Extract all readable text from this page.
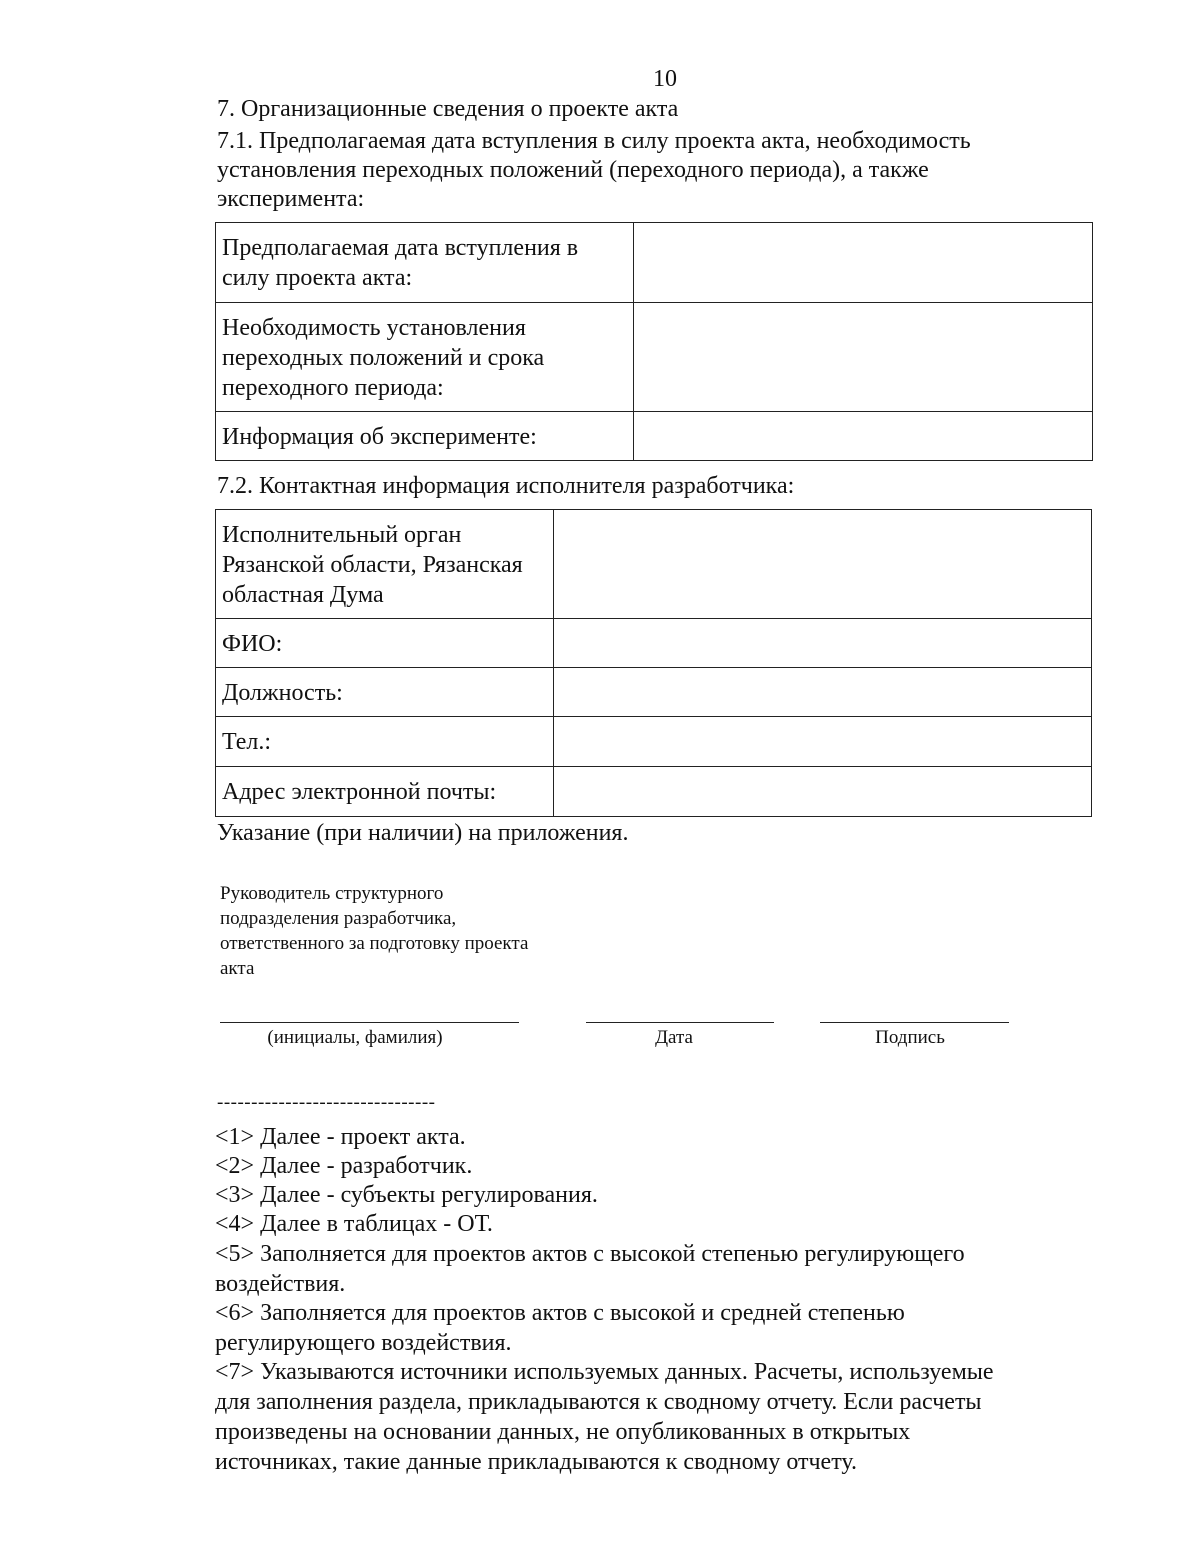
10
7. Организационные сведения о проекте акта
7.1. Предполагаемая дата вступления в силу проекта акта, необходимость
установления переходных положений (переходного периода), а также
эксперимента:
Предполагаемая дата вступления в
силу проекта акта:	

Необходимость установления
переходных положений и срока
переходного периода:	

Информация об эксперименте:	

7.2. Контактная информация исполнителя разработчика:
Исполнительный орган
Рязанской области, Рязанская
областная Дума	

ФИО:	

Должность:	

Тел.:	

Адрес электронной почты:	

Указание (при наличии) на приложения.
Руководитель структурного
подразделения разработчика,
ответственного за подготовку проекта
акта
(инициалы, фамилия)	Дата	Подпись
--------------------------------
<1> Далее - проект акта.
<2> Далее - разработчик.
<3> Далее - субъекты регулирования.
<4> Далее в таблицах - ОТ.
<5> Заполняется для проектов актов с высокой степенью регулирующего
воздействия.
<6> Заполняется для проектов актов с высокой и средней степенью
регулирующего воздействия.
<7> Указываются источники используемых данных. Расчеты, используемые
для заполнения раздела, прикладываются к сводному отчету. Если расчеты
произведены на основании данных, не опубликованных в открытых
источниках, такие данные прикладываются к сводному отчету.
